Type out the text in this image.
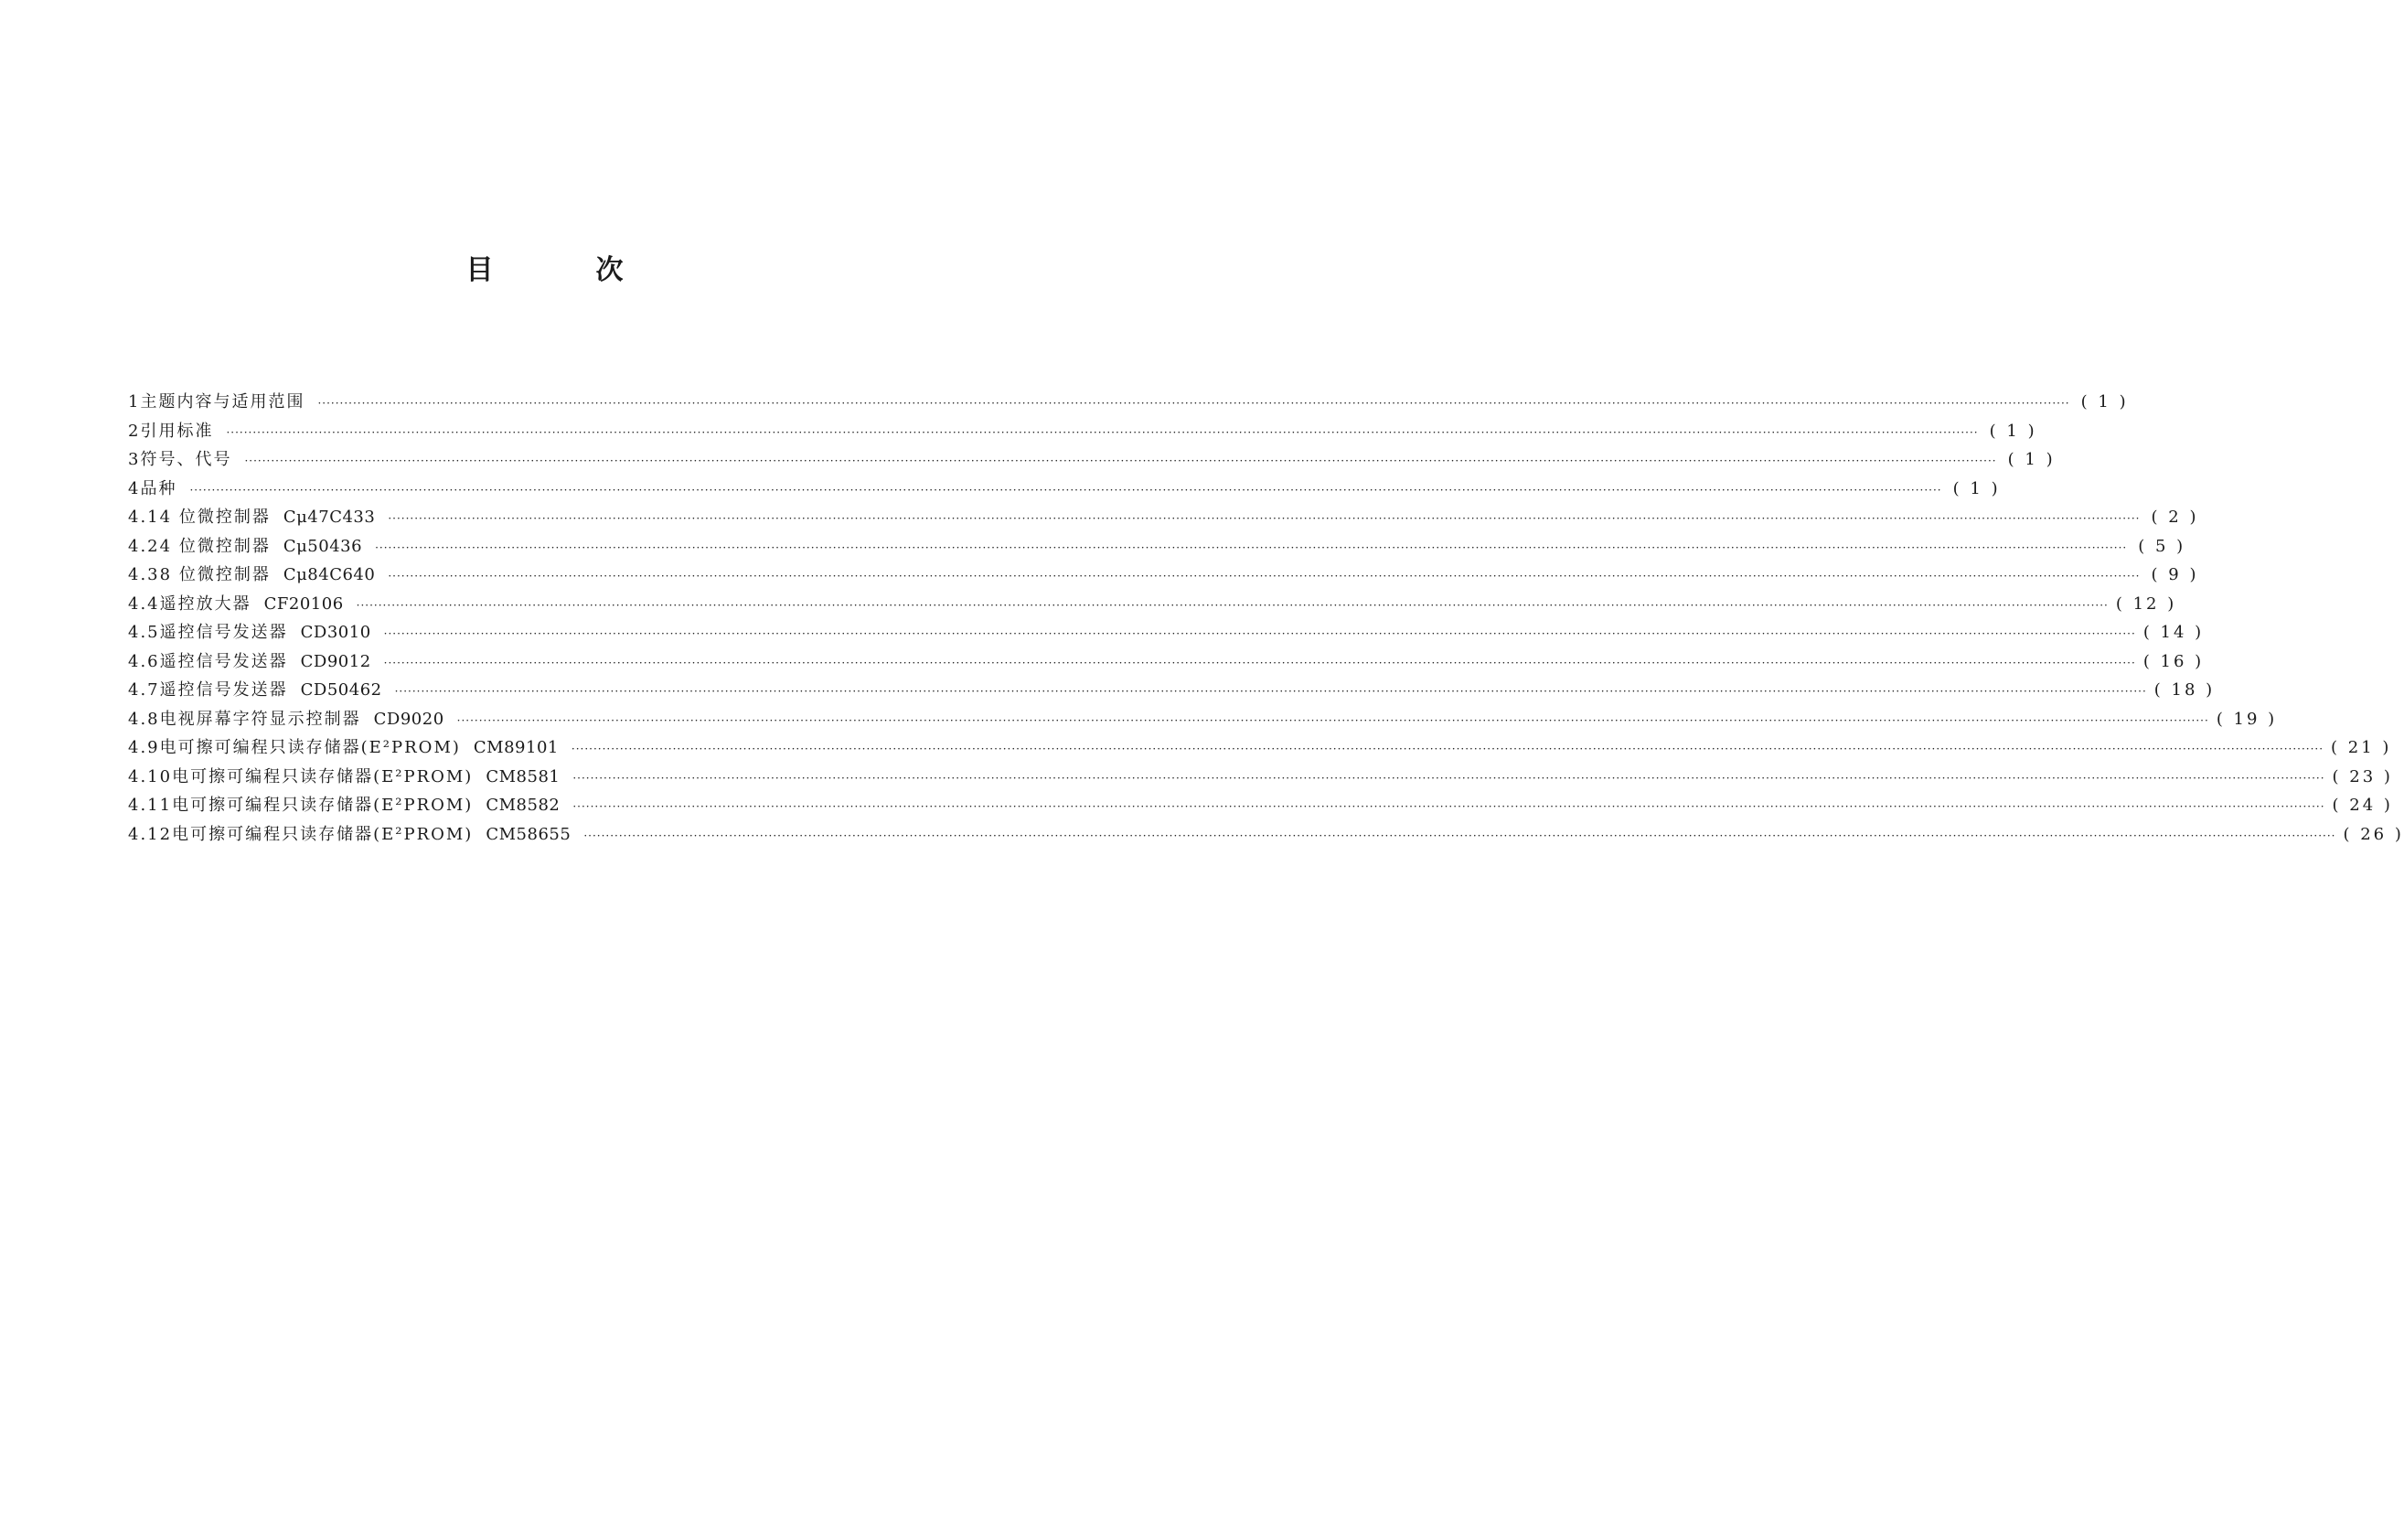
目	次
1 主题内容与适用范围 ·············································································································································································································································································································································································································· ( 1 )
2 引用标准 ·············································································································································································································································································································································································································· ( 1 )
3 符号、代号 ·············································································································································································································································································································································································································· ( 1 )
4 品种 ·············································································································································································································································································································································································································· ( 1 )
4.1 4 位微控制器 Cμ47C433 ·············································································································································································································································································································································································································· ( 2 )
4.2 4 位微控制器 Cμ50436 ·············································································································································································································································································································································································································· ( 5 )
4.3 8 位微控制器 Cμ84C640 ·············································································································································································································································································································································································································· ( 9 )
4.4 遥控放大器 CF20106 ·············································································································································································································································································································································································································· ( 12 )
4.5 遥控信号发送器 CD3010 ·············································································································································································································································································································································································································· ( 14 )
4.6 遥控信号发送器 CD9012 ·············································································································································································································································································································································································································· ( 16 )
4.7 遥控信号发送器 CD50462 ·············································································································································································································································································································································································································· ( 18 )
4.8 电视屏幕字符显示控制器 CD9020 ·············································································································································································································································································································································································································· ( 19 )
4.9 电可擦可编程只读存储器(E²PROM) CM89101 ·············································································································································································································································································································································································································· ( 21 )
4.10 电可擦可编程只读存储器(E²PROM) CM8581 ·············································································································································································································································································································································································································· ( 23 )
4.11 电可擦可编程只读存储器(E²PROM) CM8582 ·············································································································································································································································································································································································································· ( 24 )
4.12 电可擦可编程只读存储器(E²PROM) CM58655 ·············································································································································································································································································································································································································· ( 26 )
